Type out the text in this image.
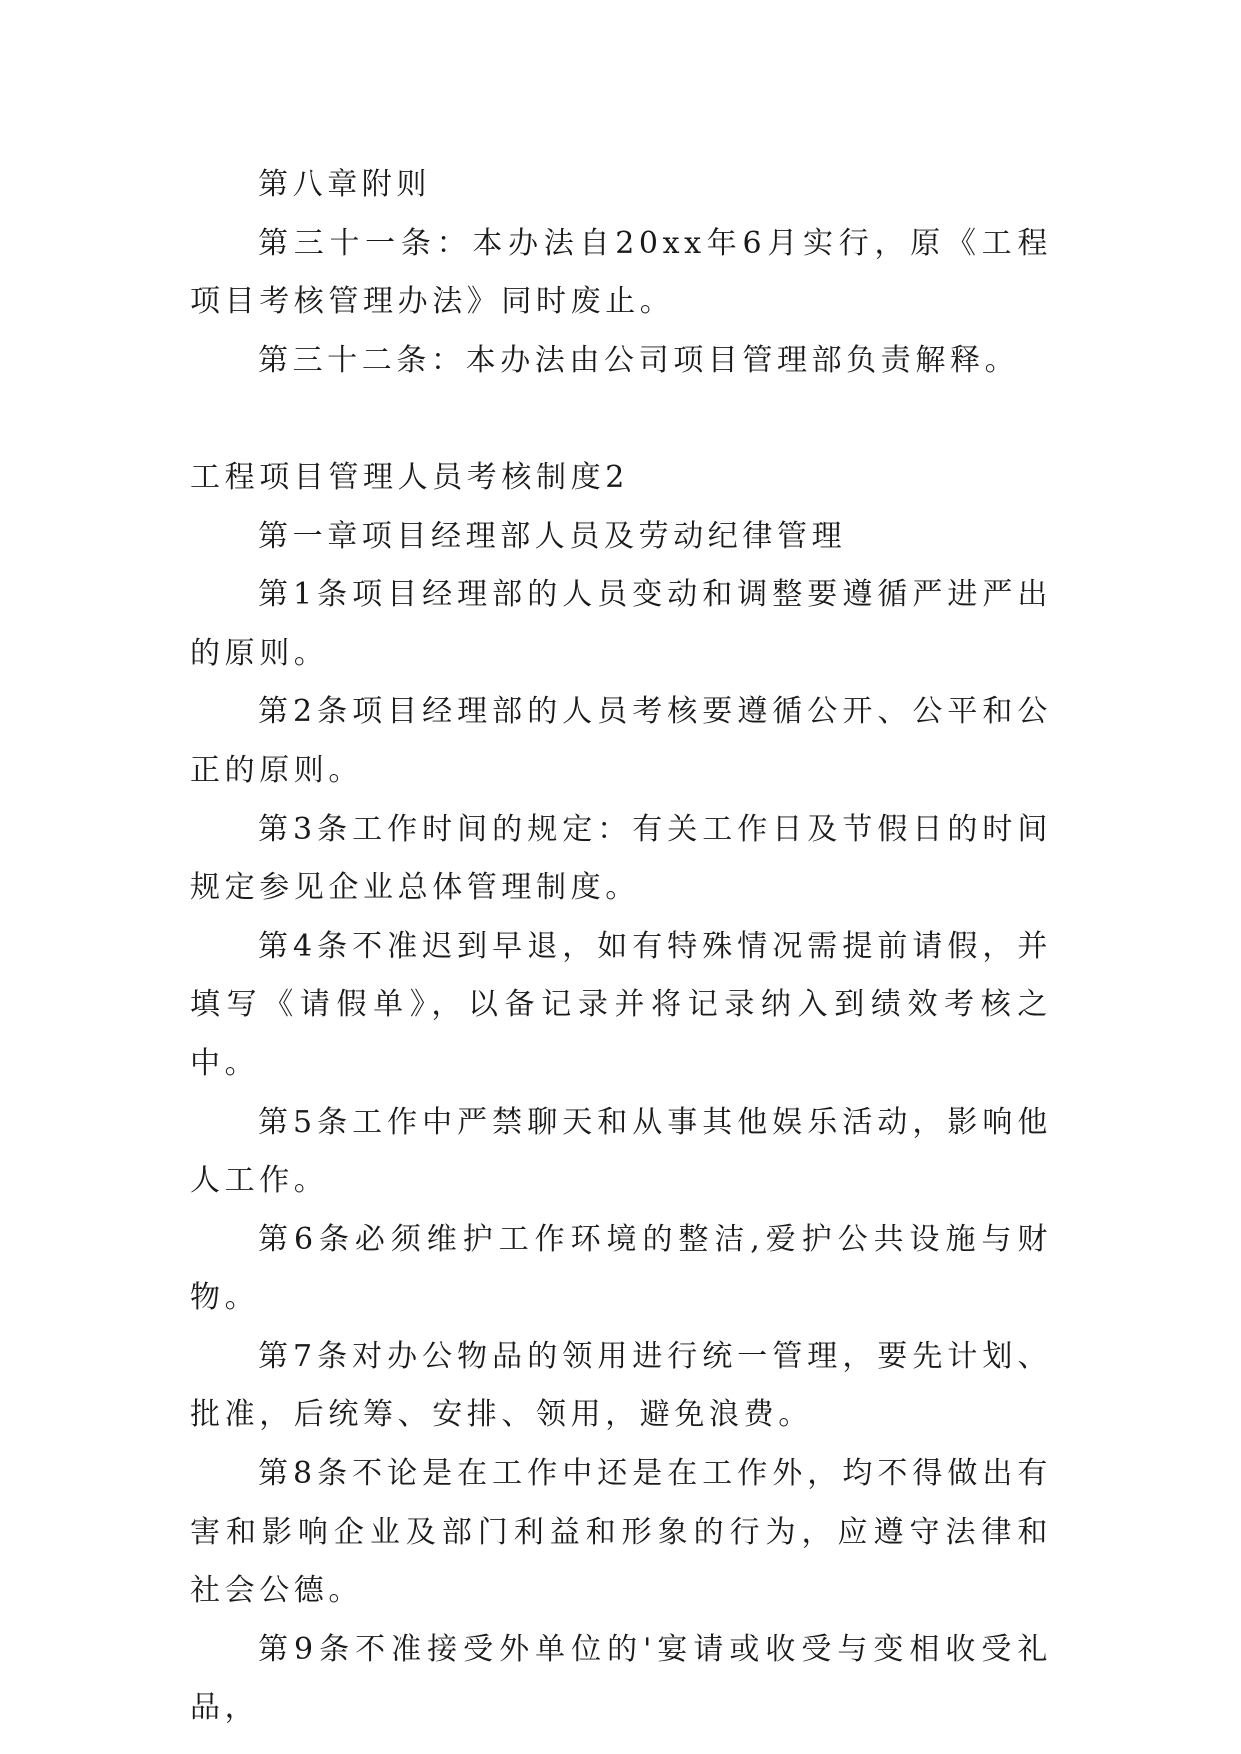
第八章附则

第三十一条：本办法自20xx年6月实行，原《工程项目考核管理办法》同时废止。

第三十二条：本办法由公司项目管理部负责解释。

工程项目管理人员考核制度2

第一章项目经理部人员及劳动纪律管理

第1条项目经理部的人员变动和调整要遵循严进严出的原则。

第2条项目经理部的人员考核要遵循公开、公平和公正的原则。

第3条工作时间的规定：有关工作日及节假日的时间规定参见企业总体管理制度。

第4条不准迟到早退，如有特殊情况需提前请假，并填写《请假单》，以备记录并将记录纳入到绩效考核之中。

第5条工作中严禁聊天和从事其他娱乐活动，影响他人工作。

第6条必须维护工作环境的整洁,爱护公共设施与财物。

第7条对办公物品的领用进行统一管理，要先计划、批准，后统筹、安排、领用，避免浪费。

第8条不论是在工作中还是在工作外，均不得做出有害和影响企业及部门利益和形象的行为，应遵守法律和社会公德。

第9条不准接受外单位的'宴请或收受与变相收受礼品，
